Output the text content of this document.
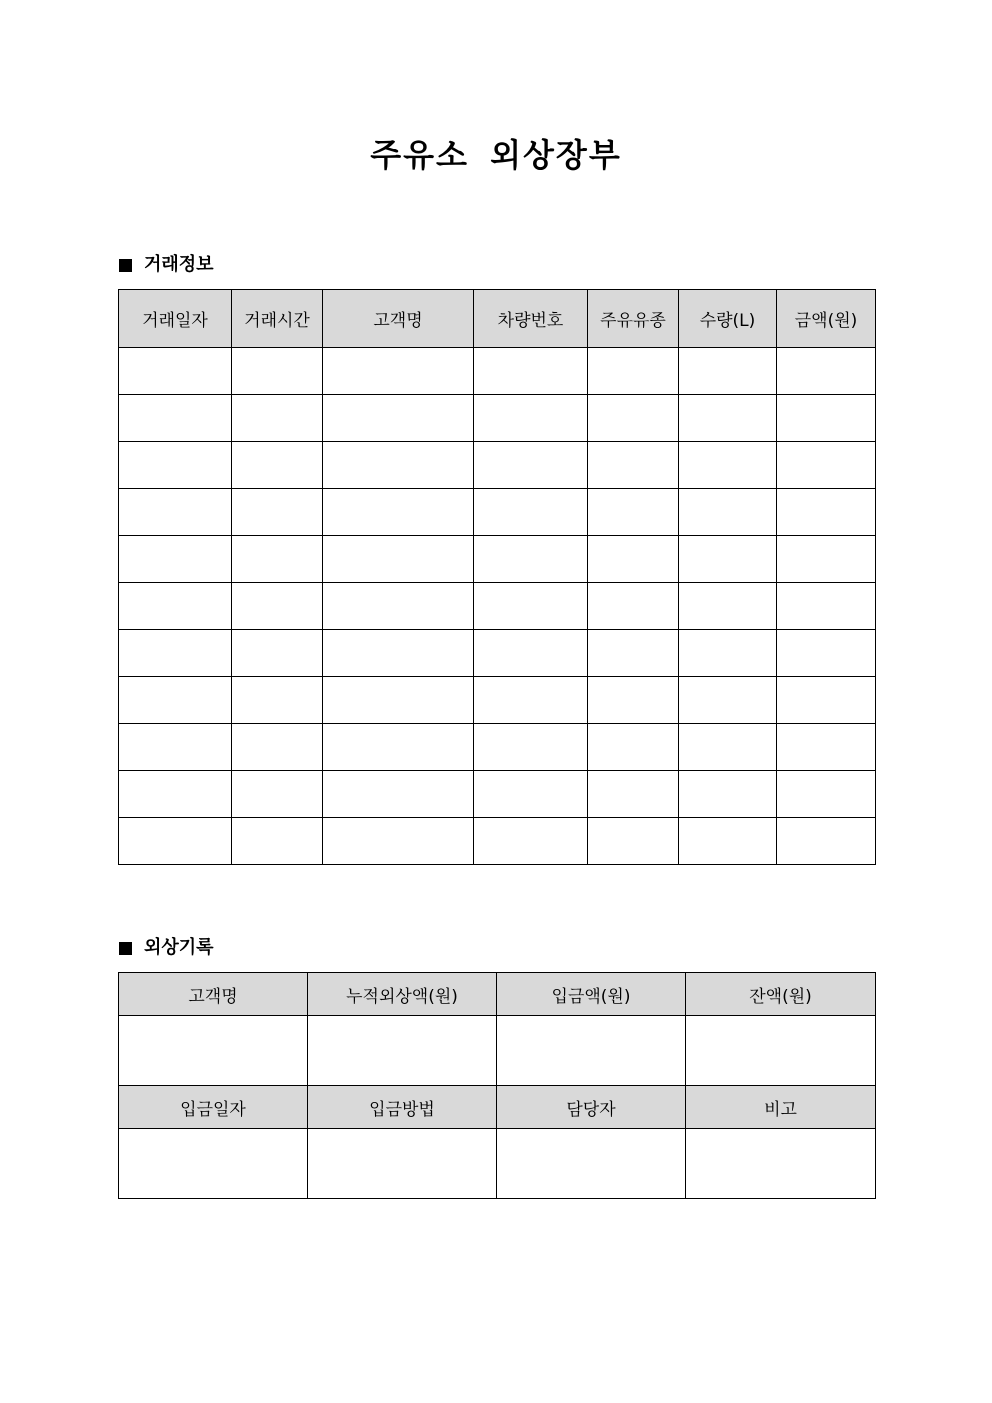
주유소 외상장부
거래정보
거래일자	거래시간	고객명	차량번호	주유유종	수량(L)	금액(원)

외상기록
고객명	누적외상액(원)	입금액(원)	잔액(원)

입금일자	입금방법	담당자	비고
